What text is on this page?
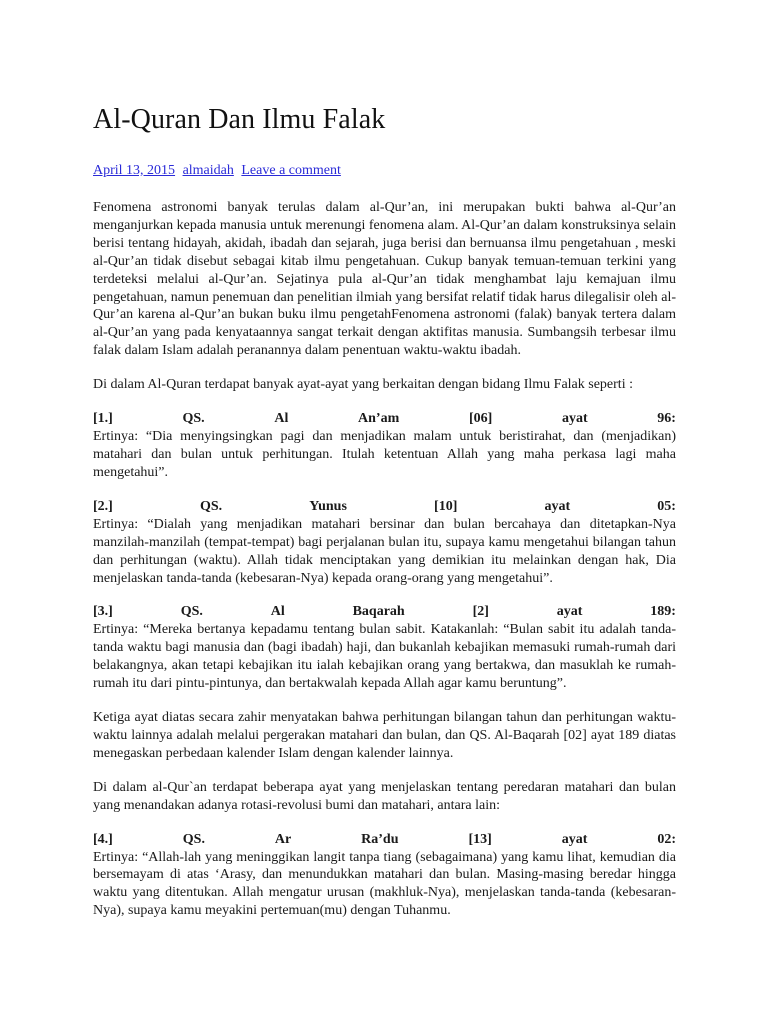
Al-Quran Dan Ilmu Falak
April 13, 2015 almaidah Leave a comment

Fenomena astronomi banyak terulas dalam al-Qur’an, ini merupakan bukti bahwa al-Qur’an menganjurkan kepada manusia untuk merenungi fenomena alam. Al-Qur’an dalam konstruksinya selain berisi tentang hidayah, akidah, ibadah dan sejarah, juga berisi dan bernuansa ilmu pengetahuan , meski al-Qur’an tidak disebut sebagai kitab ilmu pengetahuan. Cukup banyak temuan-temuan terkini yang terdeteksi melalui al-Qur’an. Sejatinya pula al-Qur’an tidak menghambat laju kemajuan ilmu pengetahuan, namun penemuan dan penelitian ilmiah yang bersifat relatif tidak harus dilegalisir oleh al-Qur’an karena al-Qur’an bukan buku ilmu pengetahFenomena astronomi (falak) banyak tertera dalam al-Qur’an yang pada kenyataannya sangat terkait dengan aktifitas manusia. Sumbangsih terbesar ilmu falak dalam Islam adalah peranannya dalam penentuan waktu-waktu ibadah.

Di dalam Al-Quran terdapat banyak ayat-ayat yang berkaitan dengan bidang Ilmu Falak seperti :

[1.]	QS.	Al	An’am	[06]	ayat	96:

Ertinya: “Dia menyingsingkan pagi dan menjadikan malam untuk beristirahat, dan (menjadikan) matahari dan bulan untuk perhitungan. Itulah ketentuan Allah yang maha perkasa lagi maha mengetahui”.

[2.]	QS.	Yunus	[10]	ayat	05:

Ertinya: “Dialah yang menjadikan matahari bersinar dan bulan bercahaya dan ditetapkan-Nya manzilah-manzilah (tempat-tempat) bagi perjalanan bulan itu, supaya kamu mengetahui bilangan tahun dan perhitungan (waktu). Allah tidak menciptakan yang demikian itu melainkan dengan hak, Dia menjelaskan tanda-tanda (kebesaran-Nya) kepada orang-orang yang mengetahui”.

[3.]	QS.	Al	Baqarah	[2]	ayat	189:

Ertinya: “Mereka bertanya kepadamu tentang bulan sabit. Katakanlah: “Bulan sabit itu adalah tanda-tanda waktu bagi manusia dan (bagi ibadah) haji, dan bukanlah kebajikan memasuki rumah-rumah dari belakangnya, akan tetapi kebajikan itu ialah kebajikan orang yang bertakwa, dan masuklah ke rumah-rumah itu dari pintu-pintunya, dan bertakwalah kepada Allah agar kamu beruntung”.

Ketiga ayat diatas secara zahir menyatakan bahwa perhitungan bilangan tahun dan perhitungan waktu-waktu lainnya adalah melalui pergerakan matahari dan bulan, dan QS. Al-Baqarah [02] ayat 189 diatas menegaskan perbedaan kalender Islam dengan kalender lainnya.

Di dalam al-Qur`an terdapat beberapa ayat yang menjelaskan tentang peredaran matahari dan bulan yang menandakan adanya rotasi-revolusi bumi dan matahari, antara lain:

[4.]	QS.	Ar	Ra’du	[13]	ayat	02:

Ertinya: “Allah-lah yang meninggikan langit tanpa tiang (sebagaimana) yang kamu lihat, kemudian dia bersemayam di atas ‘Arasy, dan menundukkan matahari dan bulan. Masing-masing beredar hingga waktu yang ditentukan. Allah mengatur urusan (makhluk-Nya), menjelaskan tanda-tanda (kebesaran-Nya), supaya kamu meyakini pertemuan(mu) dengan Tuhanmu.
